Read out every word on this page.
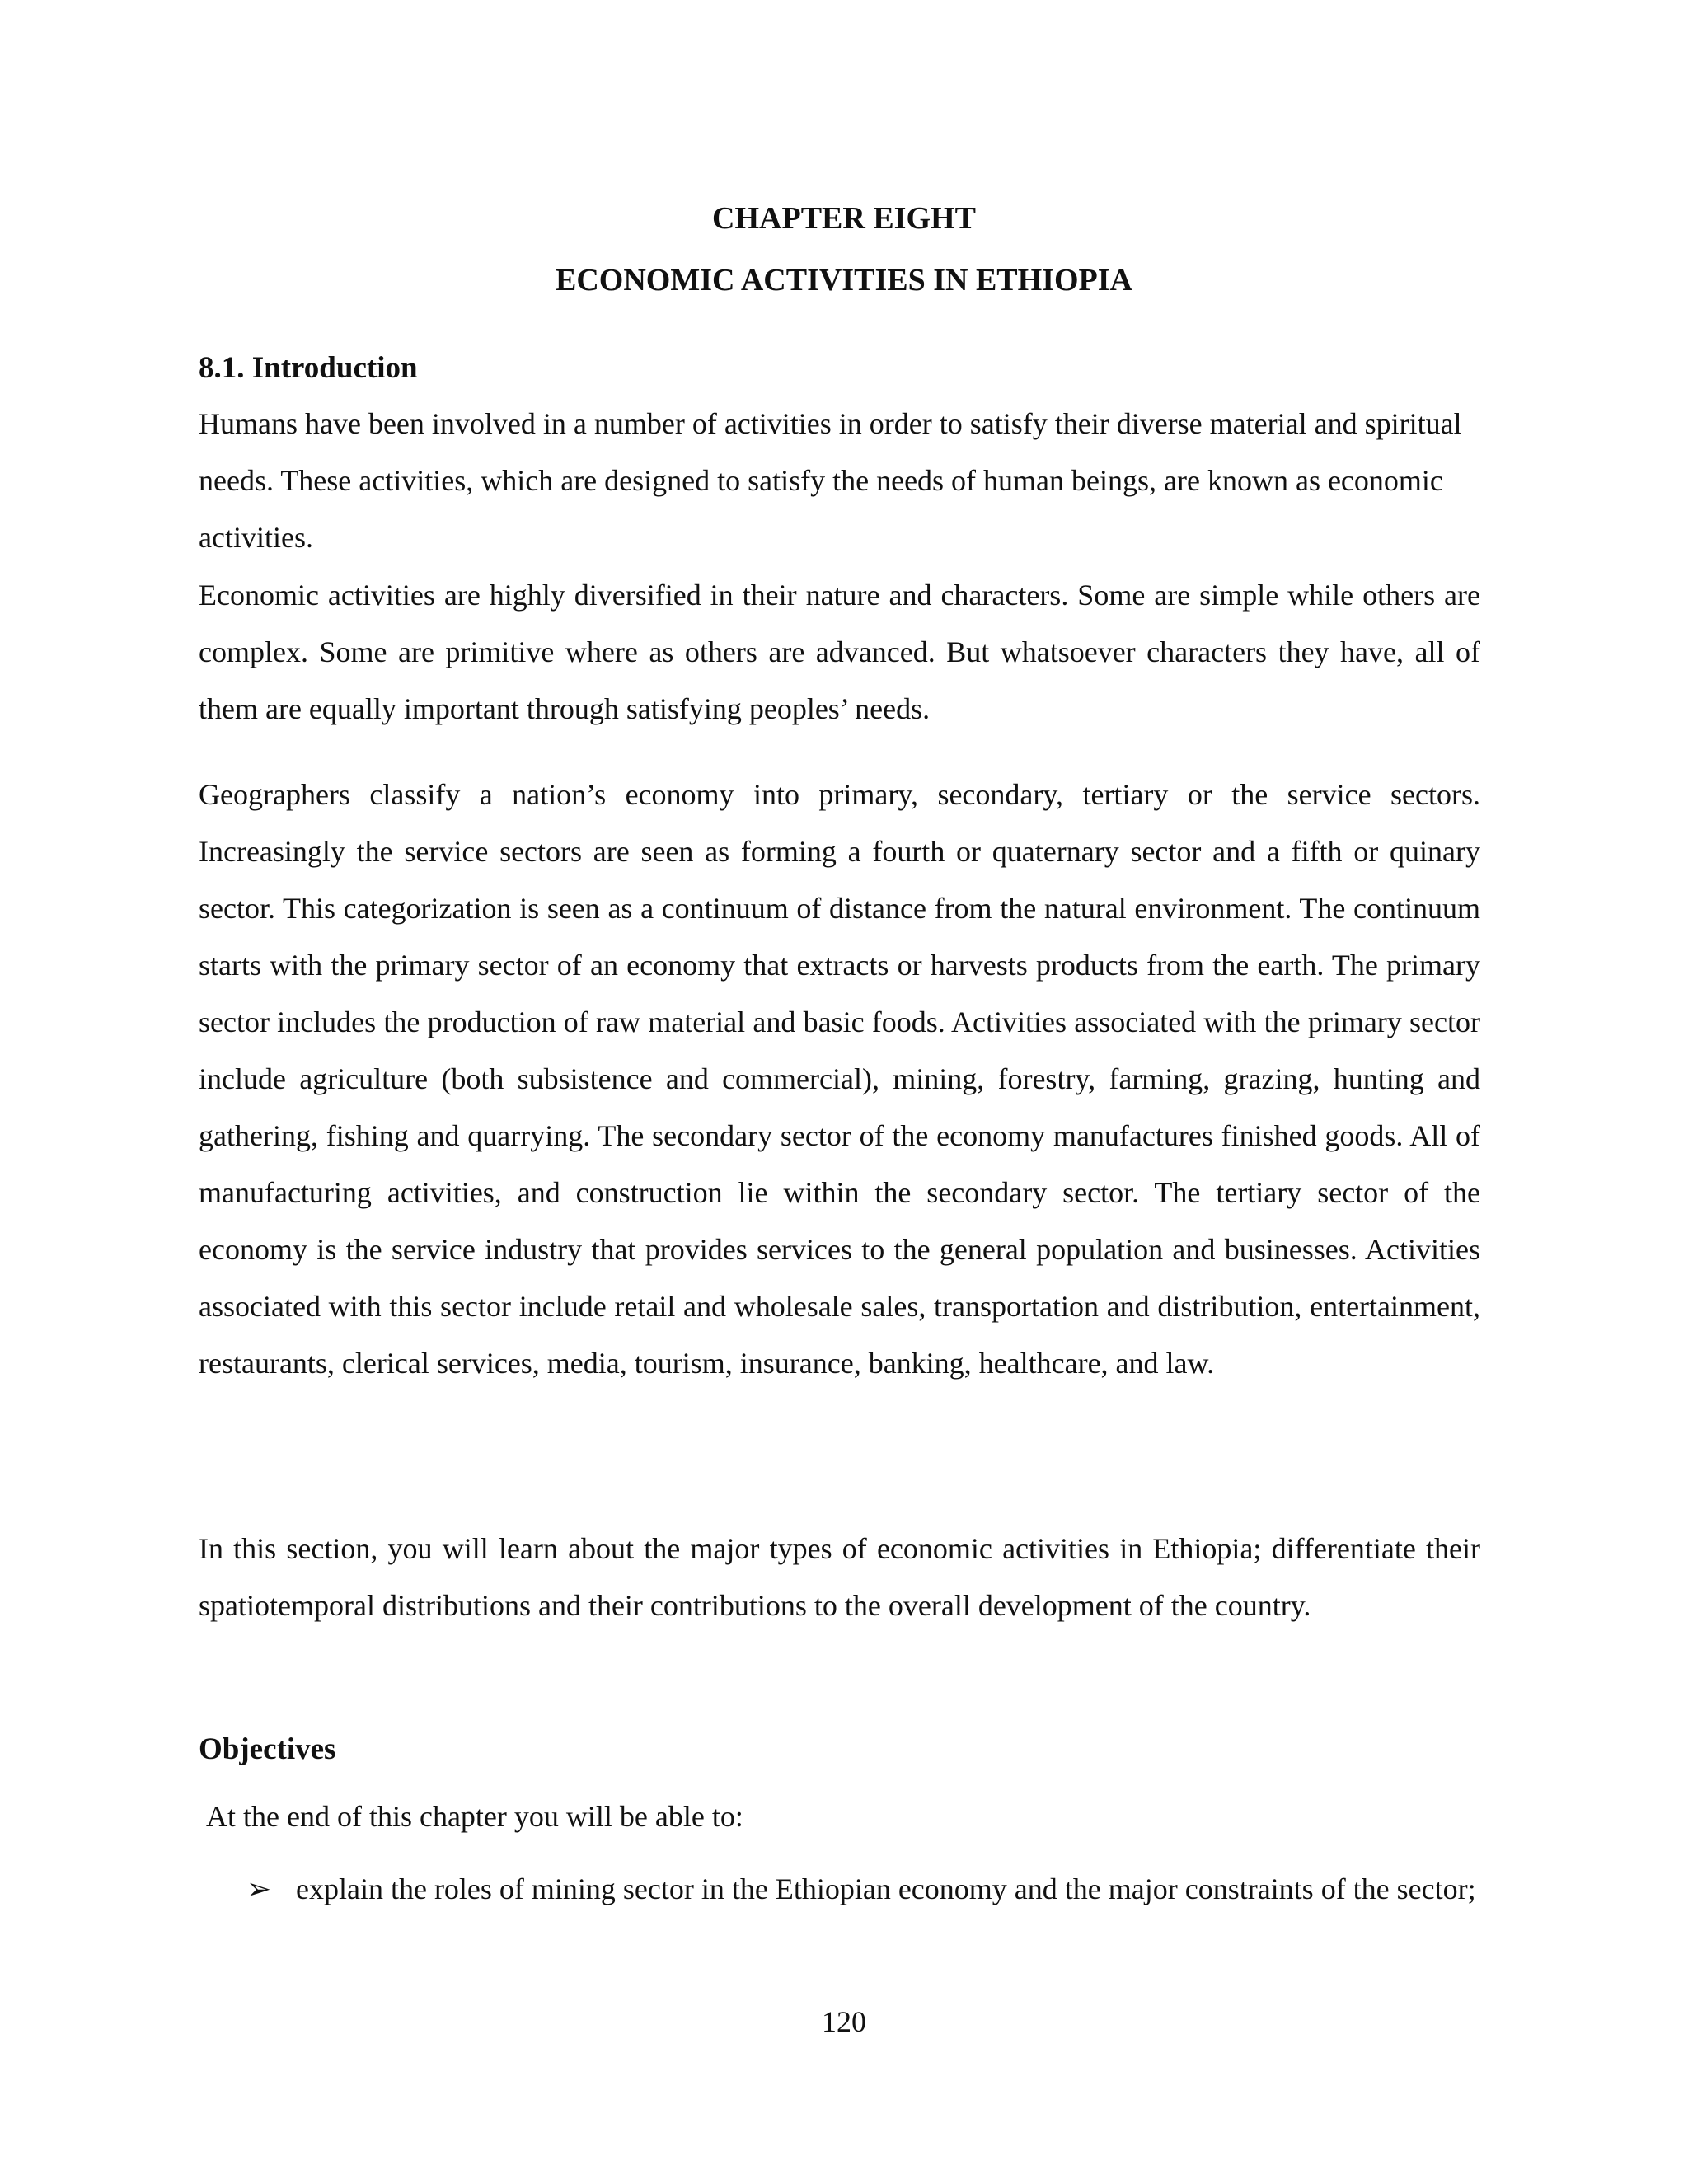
CHAPTER EIGHT
ECONOMIC ACTIVITIES IN ETHIOPIA
8.1. Introduction

Humans have been involved in a number of activities in order to satisfy their diverse material and spiritual needs. These activities, which are designed to satisfy the needs of human beings, are known as economic activities.

Economic activities are highly diversified in their nature and characters. Some are simple while others are complex. Some are primitive where as others are advanced. But whatsoever characters they have, all of them are equally important through satisfying peoples’ needs.

Geographers classify a nation’s economy into primary, secondary, tertiary or the service sectors. Increasingly the service sectors are seen as forming a fourth or quaternary sector and a fifth or quinary sector. This categorization is seen as a continuum of distance from the natural environment. The continuum starts with the primary sector of an economy that extracts or harvests products from the earth. The primary sector includes the production of raw material and basic foods. Activities associated with the primary sector include agriculture (both subsistence and commercial), mining, forestry, farming, grazing, hunting and gathering, fishing and quarrying. The secondary sector of the economy manufactures finished goods. All of manufacturing activities, and construction lie within the secondary sector. The tertiary sector of the economy is the service industry that provides services to the general population and businesses. Activities associated with this sector include retail and wholesale sales, transportation and distribution, entertainment, restaurants, clerical services, media, tourism, insurance, banking, healthcare, and law.

In this section, you will learn about the major types of economic activities in Ethiopia; differentiate their spatiotemporal distributions and their contributions to the overall development of the country.

Objectives
At the end of this chapter you will be able to:
➢ explain the roles of mining sector in the Ethiopian economy and the major constraints of the sector;
120
